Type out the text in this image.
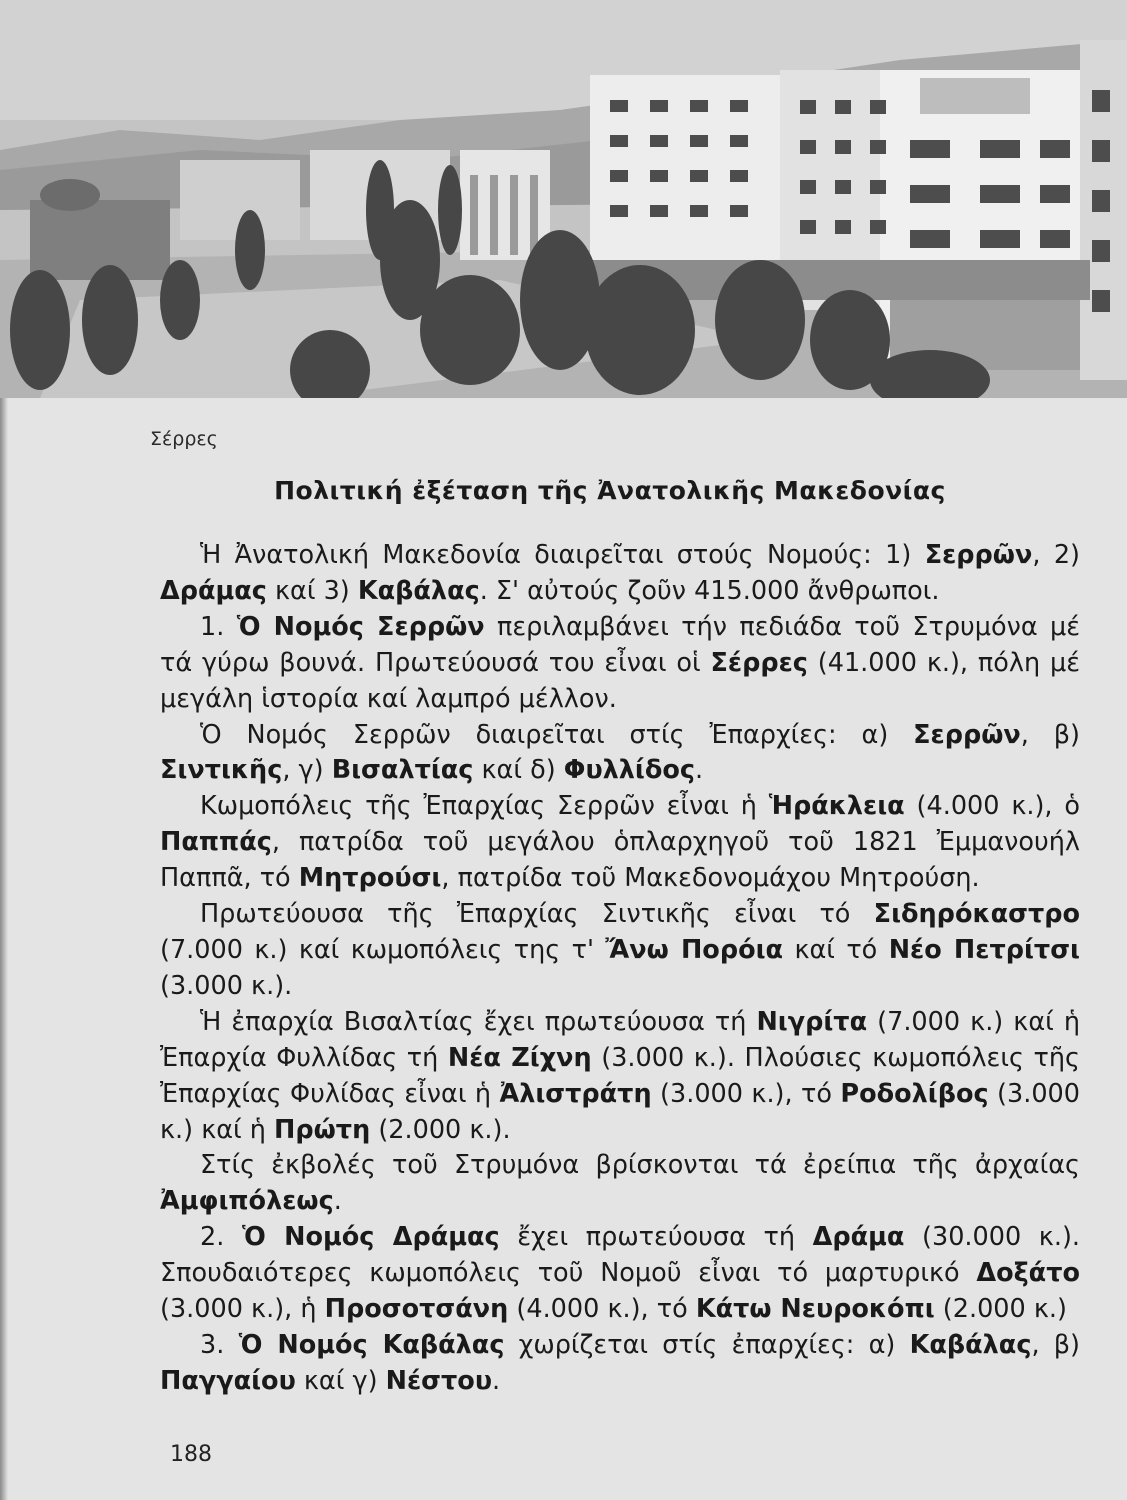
Σέρρες
Πολιτική ἐξέταση τῆς Ἀνατολικῆς Μακεδονίας

Ἡ Ἀνατολική Μακεδονία διαιρεῖται στούς Νομούς: 1) Σερρῶν, 2) Δράμας καί 3) Καβάλας. Σ' αὐτούς ζοῦν 415.000 ἄνθρωποι.

1. Ὁ Νομός Σερρῶν περιλαμβάνει τήν πεδιάδα τοῦ Στρυμόνα μέ τά γύρω βουνά. Πρωτεύουσά του εἶναι οἱ Σέρρες (41.000 κ.), πόλη μέ μεγάλη ἱστορία καί λαμπρό μέλλον.

Ὁ Νομός Σερρῶν διαιρεῖται στίς Ἐπαρχίες: α) Σερρῶν, β) Σιντικῆς, γ) Βισαλτίας καί δ) Φυλλίδος.

Κωμοπόλεις τῆς Ἐπαρχίας Σερρῶν εἶναι ἡ Ἡράκλεια (4.000 κ.), ὁ Παππάς, πατρίδα τοῦ μεγάλου ὁπλαρχηγοῦ τοῦ 1821 Ἐμμανουήλ Παππᾶ, τό Μητρούσι, πατρίδα τοῦ Μακεδονομάχου Μητρούση.

Πρωτεύουσα τῆς Ἐπαρχίας Σιντικῆς εἶναι τό Σιδηρόκαστρο (7.000 κ.) καί κωμοπόλεις της τ' Ἄνω Πορόια καί τό Νέο Πετρίτσι (3.000 κ.).

Ἡ ἐπαρχία Βισαλτίας ἔχει πρωτεύουσα τή Νιγρίτα (7.000 κ.) καί ἡ Ἐπαρχία Φυλλίδας τή Νέα Ζίχνη (3.000 κ.). Πλούσιες κωμοπόλεις τῆς Ἐπαρχίας Φυλίδας εἶναι ἡ Ἀλιστράτη (3.000 κ.), τό Ροδολίβος (3.000 κ.) καί ἡ Πρώτη (2.000 κ.).

Στίς ἐκβολές τοῦ Στρυμόνα βρίσκονται τά ἐρείπια τῆς ἀρχαίας Ἀμφιπόλεως.

2. Ὁ Νομός Δράμας ἔχει πρωτεύουσα τή Δράμα (30.000 κ.). Σπουδαιότερες κωμοπόλεις τοῦ Νομοῦ εἶναι τό μαρτυρικό Δοξάτο (3.000 κ.), ἡ Προσοτσάνη (4.000 κ.), τό Κάτω Νευροκόπι (2.000 κ.)

3. Ὁ Νομός Καβάλας χωρίζεται στίς ἐπαρχίες: α) Καβάλας, β) Παγγαίου καί γ) Νέστου.

188
